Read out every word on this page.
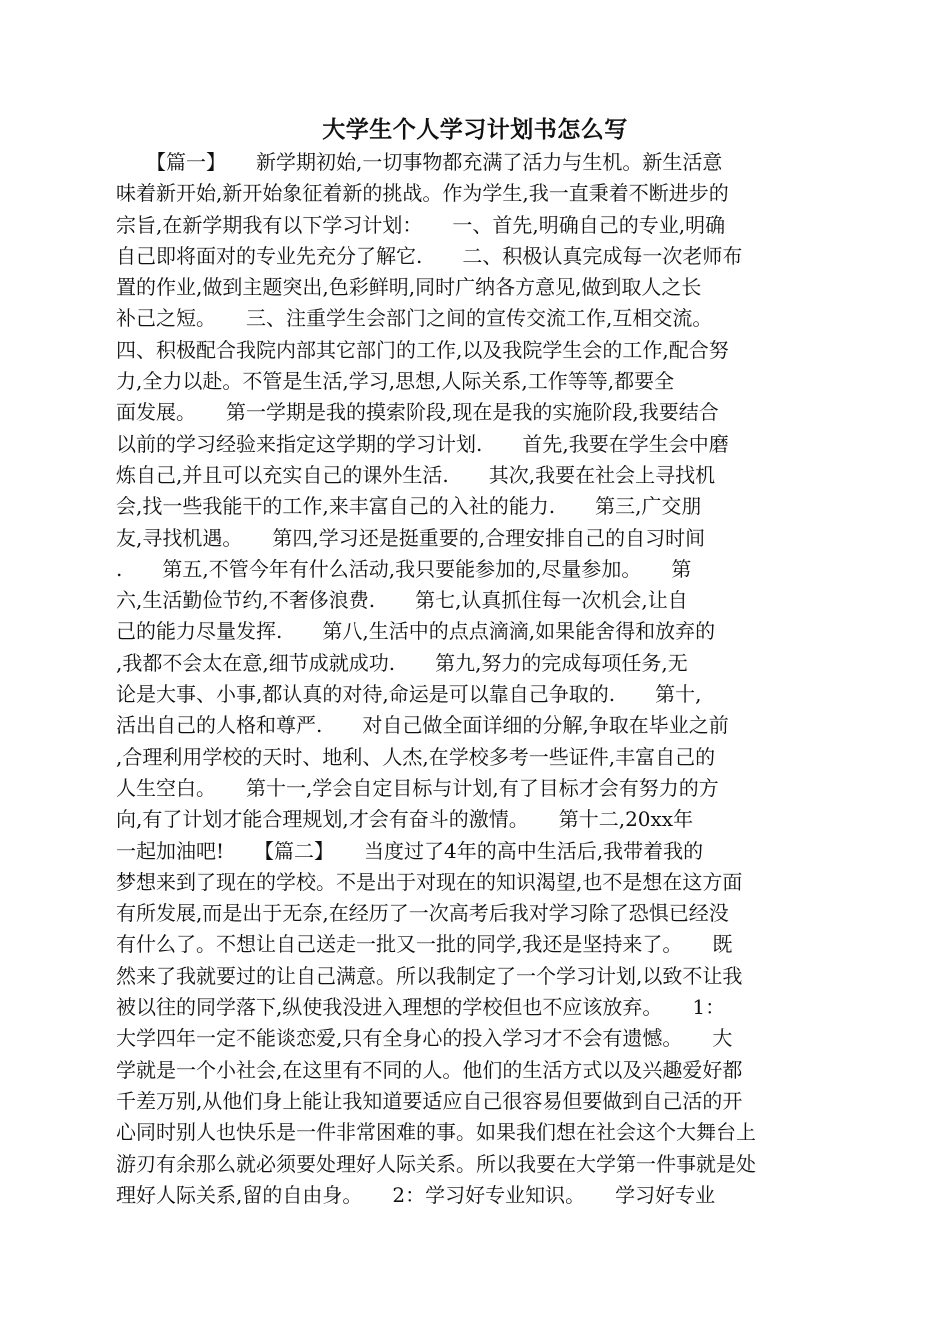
大学生个人学习计划书怎么写
　　【篇一】　　新学期初始,一切事物都充满了活力与生机。新生活意
味着新开始,新开始象征着新的挑战。作为学生,我一直秉着不断进步的
宗旨,在新学期我有以下学习计划：　　一、首先,明确自己的专业,明确
自己即将面对的专业先充分了解它.　　二、积极认真完成每一次老师布
置的作业,做到主题突出,色彩鲜明,同时广纳各方意见,做到取人之长
补己之短。　　三、注重学生会部门之间的宣传交流工作,互相交流。
四、积极配合我院内部其它部门的工作,以及我院学生会的工作,配合努
力,全力以赴。不管是生活,学习,思想,人际关系,工作等等,都要全
面发展。　　第一学期是我的摸索阶段,现在是我的实施阶段,我要结合
以前的学习经验来指定这学期的学习计划.　　首先,我要在学生会中磨
炼自己,并且可以充实自己的课外生活.　　其次,我要在社会上寻找机
会,找一些我能干的工作,来丰富自己的入社的能力.　　第三,广交朋
友,寻找机遇。　　第四,学习还是挺重要的,合理安排自己的自习时间
.　　第五,不管今年有什么活动,我只要能参加的,尽量参加。　　第
六,生活勤俭节约,不奢侈浪费.　　第七,认真抓住每一次机会,让自
己的能力尽量发挥.　　第八,生活中的点点滴滴,如果能舍得和放弃的
,我都不会太在意,细节成就成功.　　第九,努力的完成每项任务,无
论是大事、小事,都认真的对待,命运是可以靠自己争取的.　　第十,
活出自己的人格和尊严.　　对自己做全面详细的分解,争取在毕业之前
,合理利用学校的天时、地利、人杰,在学校多考一些证件,丰富自己的
人生空白。　　第十一,学会自定目标与计划,有了目标才会有努力的方
向,有了计划才能合理规划,才会有奋斗的激情。　　第十二,20xx年
一起加油吧!　　【篇二】　　当度过了4年的高中生活后,我带着我的
梦想来到了现在的学校。不是出于对现在的知识渴望,也不是想在这方面
有所发展,而是出于无奈,在经历了一次高考后我对学习除了恐惧已经没
有什么了。不想让自己送走一批又一批的同学,我还是坚持来了。　　既
然来了我就要过的让自己满意。所以我制定了一个学习计划,以致不让我
被以往的同学落下,纵使我没进入理想的学校但也不应该放弃。　　1：
大学四年一定不能谈恋爱,只有全身心的投入学习才不会有遗憾。　　大
学就是一个小社会,在这里有不同的人。他们的生活方式以及兴趣爱好都
千差万别,从他们身上能让我知道要适应自己很容易但要做到自己活的开
心同时别人也快乐是一件非常困难的事。如果我们想在社会这个大舞台上
游刃有余那么就必须要处理好人际关系。所以我要在大学第一件事就是处
理好人际关系,留的自由身。　　2：学习好专业知识。　　学习好专业
